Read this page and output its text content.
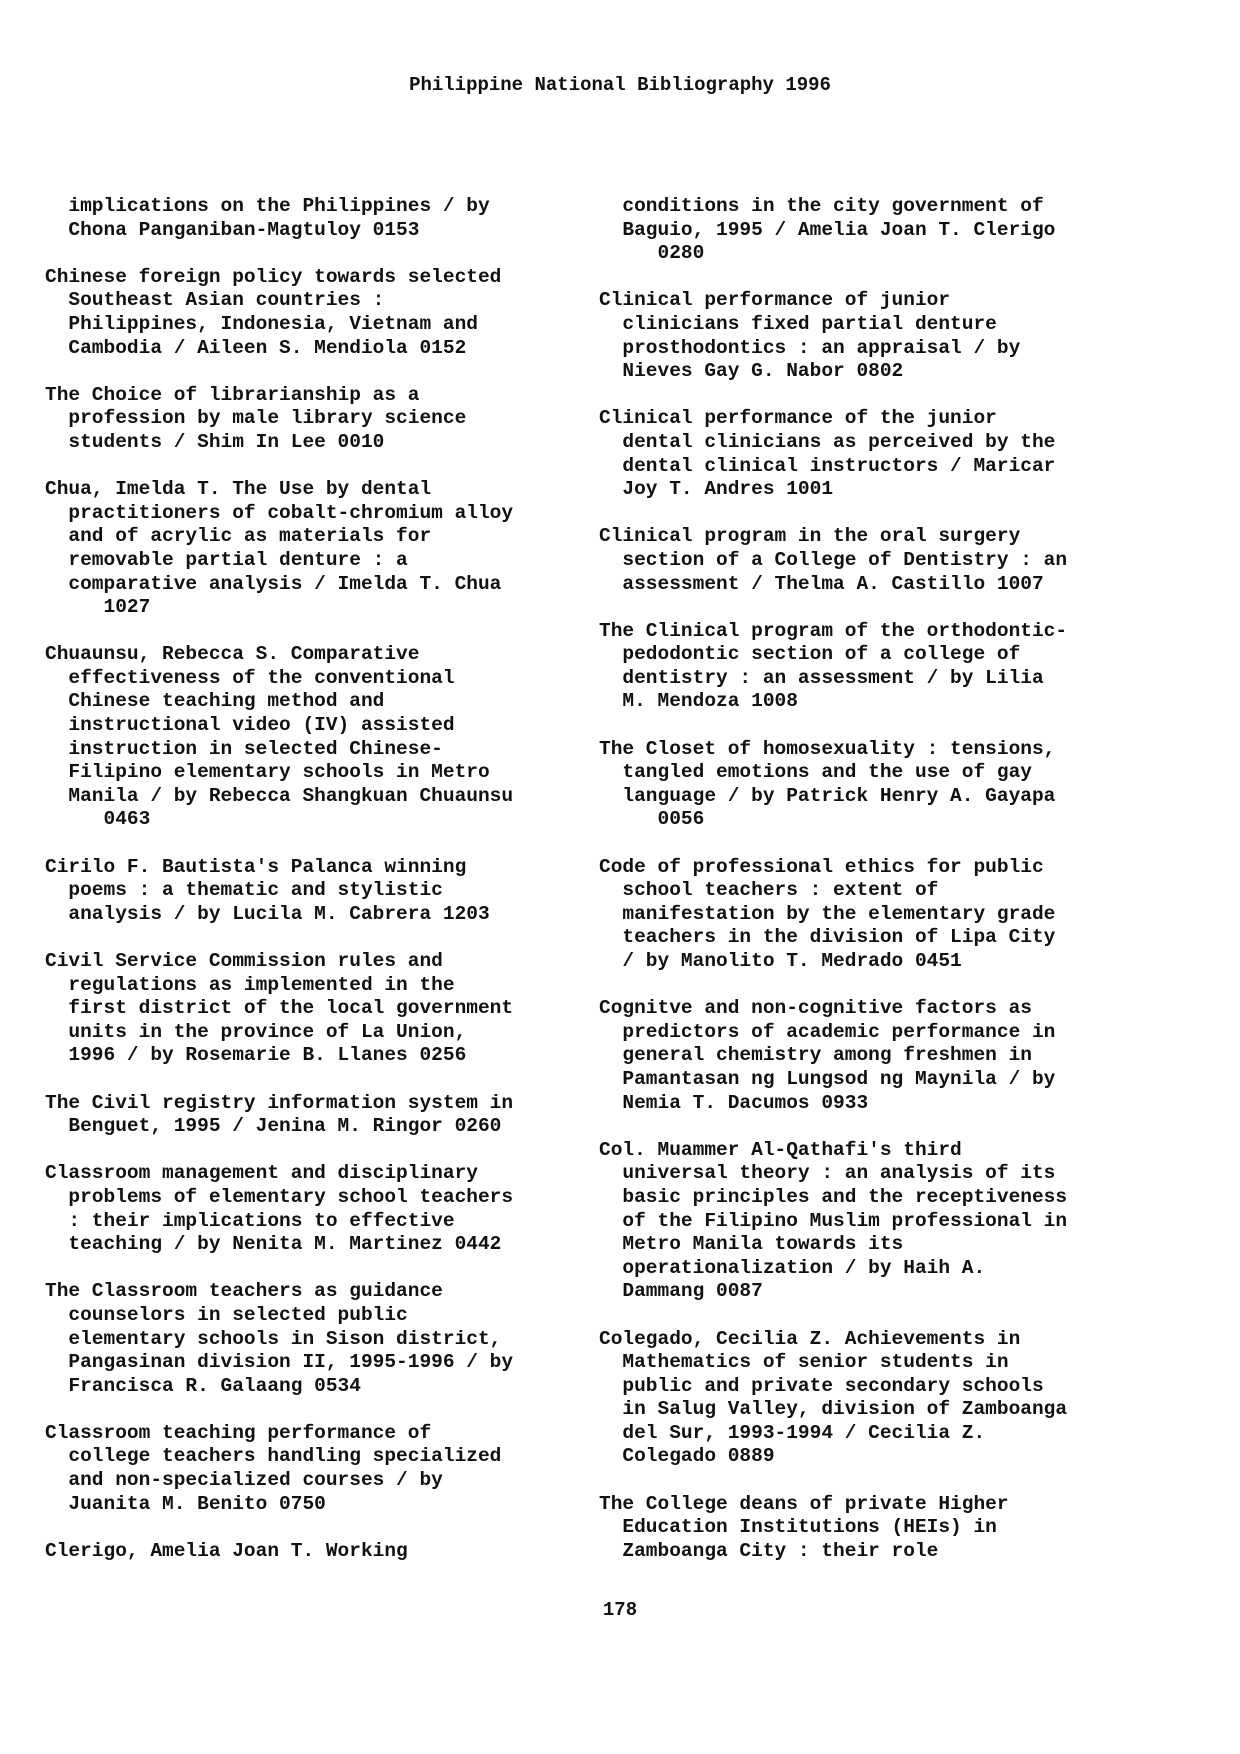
Philippine National Bibliography 1996
implications on the Philippines / by
Chona Panganiban-Magtuloy 0153
Chinese foreign policy towards selected
Southeast Asian countries :
Philippines, Indonesia, Vietnam and
Cambodia / Aileen S. Mendiola 0152
The Choice of librarianship as a
profession by male library science
students / Shim In Lee 0010
Chua, Imelda T. The Use by dental
practitioners of cobalt-chromium alloy
and of acrylic as materials for
removable partial denture : a
comparative analysis / Imelda T. Chua
1027
Chuaunsu, Rebecca S. Comparative
effectiveness of the conventional
Chinese teaching method and
instructional video (IV) assisted
instruction in selected Chinese-
Filipino elementary schools in Metro
Manila / by Rebecca Shangkuan Chuaunsu
0463
Cirilo F. Bautista's Palanca winning
poems : a thematic and stylistic
analysis / by Lucila M. Cabrera 1203
Civil Service Commission rules and
regulations as implemented in the
first district of the local government
units in the province of La Union,
1996 / by Rosemarie B. Llanes 0256
The Civil registry information system in
Benguet, 1995 / Jenina M. Ringor 0260
Classroom management and disciplinary
problems of elementary school teachers
: their implications to effective
teaching / by Nenita M. Martinez 0442
The Classroom teachers as guidance
counselors in selected public
elementary schools in Sison district,
Pangasinan division II, 1995-1996 / by
Francisca R. Galaang 0534
Classroom teaching performance of
college teachers handling specialized
and non-specialized courses / by
Juanita M. Benito 0750
Clerigo, Amelia Joan T. Working
conditions in the city government of
Baguio, 1995 / Amelia Joan T. Clerigo
0280
Clinical performance of junior
clinicians fixed partial denture
prosthodontics : an appraisal / by
Nieves Gay G. Nabor 0802
Clinical performance of the junior
dental clinicians as perceived by the
dental clinical instructors / Maricar
Joy T. Andres 1001
Clinical program in the oral surgery
section of a College of Dentistry : an
assessment / Thelma A. Castillo 1007
The Clinical program of the orthodontic-
pedodontic section of a college of
dentistry : an assessment / by Lilia
M. Mendoza 1008
The Closet of homosexuality : tensions,
tangled emotions and the use of gay
language / by Patrick Henry A. Gayapa
0056
Code of professional ethics for public
school teachers : extent of
manifestation by the elementary grade
teachers in the division of Lipa City
/ by Manolito T. Medrado 0451
Cognitve and non-cognitive factors as
predictors of academic performance in
general chemistry among freshmen in
Pamantasan ng Lungsod ng Maynila / by
Nemia T. Dacumos 0933
Col. Muammer Al-Qathafi's third
universal theory : an analysis of its
basic principles and the receptiveness
of the Filipino Muslim professional in
Metro Manila towards its
operationalization / by Haih A.
Dammang 0087
Colegado, Cecilia Z. Achievements in
Mathematics of senior students in
public and private secondary schools
in Salug Valley, division of Zamboanga
del Sur, 1993-1994 / Cecilia Z.
Colegado 0889
The College deans of private Higher
Education Institutions (HEIs) in
Zamboanga City : their role
178
